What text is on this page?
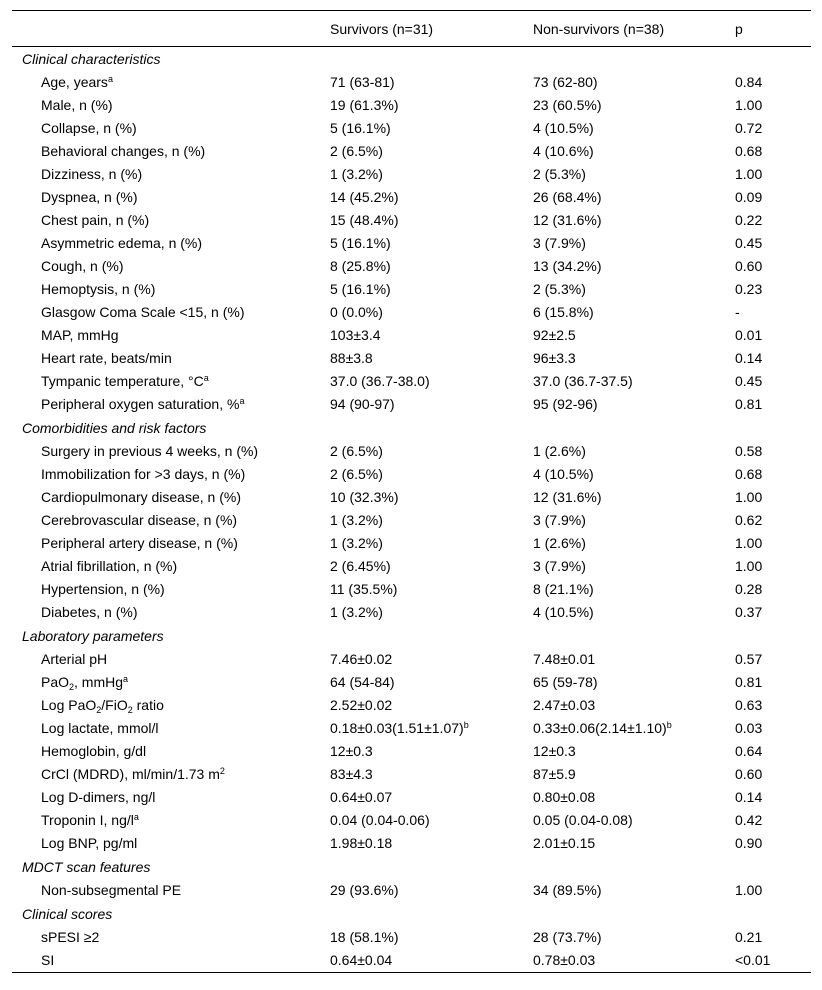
	Survivors (n=31)	Non-survivors (n=38)	p
Clinical characteristics			
Age, years$^a$	71 (63-81)	73 (62-80)	0.84
Male, n (%)	19 (61.3%)	23 (60.5%)	1.00
Collapse, n (%)	5 (16.1%)	4 (10.5%)	0.72
Behavioral changes, n (%)	2 (6.5%)	4 (10.6%)	0.68
Dizziness, n (%)	1 (3.2%)	2 (5.3%)	1.00
Dyspnea, n (%)	14 (45.2%)	26 (68.4%)	0.09
Chest pain, n (%)	15 (48.4%)	12 (31.6%)	0.22
Asymmetric edema, n (%)	5 (16.1%)	3 (7.9%)	0.45
Cough, n (%)	8 (25.8%)	13 (34.2%)	0.60
Hemoptysis, n (%)	5 (16.1%)	2 (5.3%)	0.23
Glasgow Coma Scale <15, n (%)	0 (0.0%)	6 (15.8%)	-
MAP, mmHg	103±3.4	92±2.5	0.01
Heart rate, beats/min	88±3.8	96±3.3	0.14
Tympanic temperature, $^\circ C^a$	37.0 (36.7-38.0)	37.0 (36.7-37.5)	0.45
Peripheral oxygen saturation, %$^a$	94 (90-97)	95 (92-96)	0.81
Comorbidities and risk factors			
Surgery in previous 4 weeks, n (%)	2 (6.5%)	1 (2.6%)	0.58
Immobilization for >3 days, n (%)	2 (6.5%)	4 (10.5%)	0.68
Cardiopulmonary disease, n (%)	10 (32.3%)	12 (31.6%)	1.00
Cerebrovascular disease, n (%)	1 (3.2%)	3 (7.9%)	0.62
Peripheral artery disease, n (%)	1 (3.2%)	1 (2.6%)	1.00
Atrial fibrillation, n (%)	2 (6.45%)	3 (7.9%)	1.00
Hypertension, n (%)	11 (35.5%)	8 (21.1%)	0.28
Diabetes, n (%)	1 (3.2%)	4 (10.5%)	0.37
Laboratory parameters			
Arterial pH	7.46±0.02	7.48±0.01	0.57
PaO$_2$, mmHg$^a$	64 (54-84)	65 (59-78)	0.81
Log PaO$_2$/FiO$_2$ ratio	2.52±0.02	2.47±0.03	0.63
Log lactate, mmol/l	$0.18\pm 0.03(1.51\pm 1.07)^b$	$0.33\pm 0.06(2.14\pm 1.10)^b$	0.03
Hemoglobin, g/dl	12±0.3	12±0.3	0.64
CrCl (MDRD), ml/min/1.73 $m^2$	83±4.3	87±5.9	0.60
Log D-dimers, ng/l	0.64±0.07	0.80±0.08	0.14
Troponin I, $ng/l^a$	0.04 (0.04-0.06)	0.05 (0.04-0.08)	0.42
Log BNP, pg/ml	1.98±0.18	2.01±0.15	0.90
MDCT scan features			
Non-subsegmental PE	29 (93.6%)	34 (89.5%)	1.00
Clinical scores			
sPESI ≥2	18 (58.1%)	28 (73.7%)	0.21
SI	0.64±0.04	0.78±0.03	<0.01
